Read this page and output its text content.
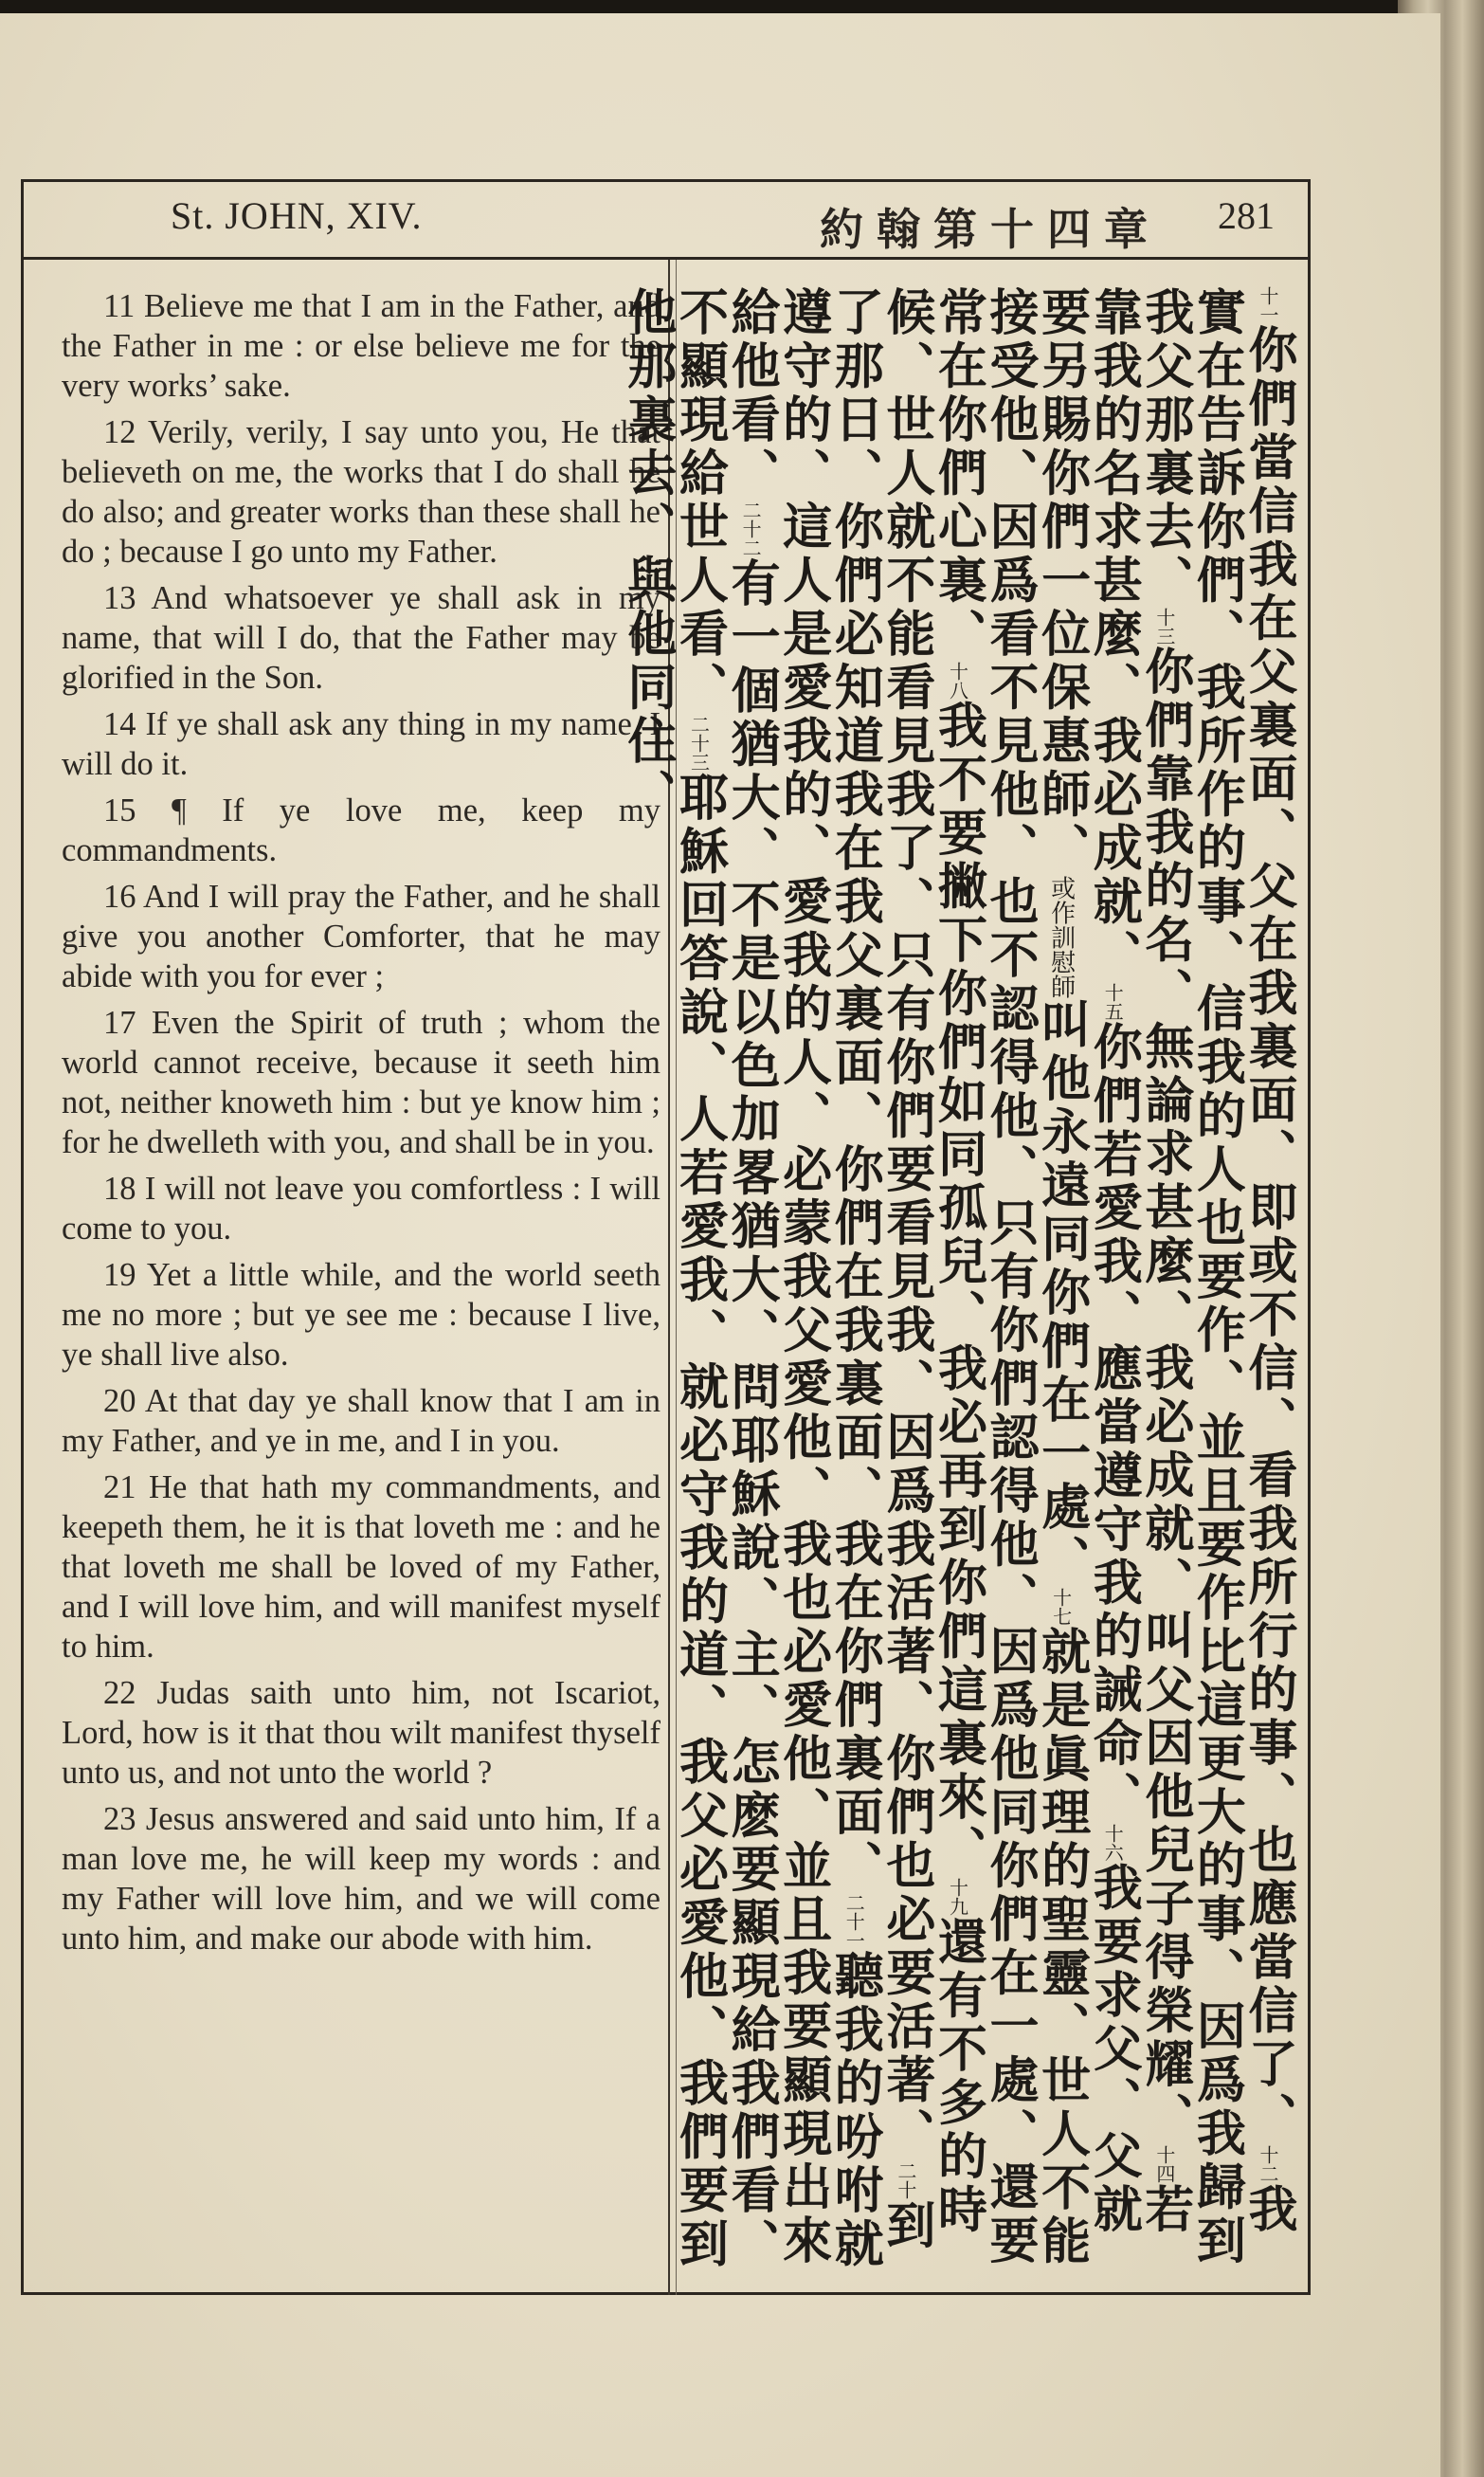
St. JOHN, XIV.	約翰第十四章 281

11 Believe me that I am in the Father, and the Father in me : or else believe me for the very works’ sake.

12 Verily, verily, I say unto you, He that believeth on me, the works that I do shall he do also; and greater works than these shall he do ; because I go unto my Father.

13 And whatsoever ye shall ask in my name, that will I do, that the Father may be glorified in the Son.

14 If ye shall ask any thing in my name, I will do it.

15 ¶ If ye love me, keep my commandments.

16 And I will pray the Father, and he shall give you another Comforter, that he may abide with you for ever ;

17 Even the Spirit of truth ; whom the world cannot receive, because it seeth him not, neither knoweth him : but ye know him ; for he dwelleth with you, and shall be in you.

18 I will not leave you comfortless : I will come to you.

19 Yet a little while, and the world seeth me no more ; but ye see me : because I live, ye shall live also.

20 At that day ye shall know that I am in my Father, and ye in me, and I in you.

21 He that hath my commandments, and keepeth them, he it is that loveth me : and he that loveth me shall be loved of my Father, and I will love him, and will manifest myself to him.

22 Judas saith unto him, not Iscariot, Lord, how is it that thou wilt manifest thyself unto us, and not unto the world ?

23 Jesus answered and said unto him, If a man love me, he will keep my words : and my Father will love him, and we will come unto him, and make our abode with him.

十一你們當信我在父裏面、父在我裏面、即或不信、看我所行的事、也應當信了、十二我實在告訴你們、我所作的事、信我的人也要作、並且要作比這更大的事、因爲我歸到我父那裏去、十三你們靠我的名、無論求甚麼、我必成就、叫父因他兒子得榮耀、十四若靠我的名求甚麼、我必成就、十五你們若愛我、應當遵守我的誡命、十六我要求父、父就要另賜你們一位保惠師、或作訓慰師叫他永遠同你們在一處、十七就是眞理的聖靈、世人不能接受他、因爲看不見他、也不認得他、只有你們認得他、因爲他同你們在一處、還要常在你們心裏、十八我不要撇下你們如同孤兒、我必再到你們這裏來、十九還有不多的時候、世人就不能看見我了、只有你們要看見我、因爲我活著、你們也必要活著、二十到了那日、你們必知道我在我父裏面、你們在我裏面、我在你們裏面、二十一聽我的吩咐就遵守的、這人是愛我的、愛我的人、必蒙我父愛他、我也必愛他、並且我要顯現出來給他看、二十二有一個猶大、不是以色加畧猶大、問耶穌說、主、怎麽要顯現給我們看、不顯現給世人看、二十三耶穌回答說、人若愛我、就必守我的道、我父必愛他、我們要到他那裏去、與他同住、
